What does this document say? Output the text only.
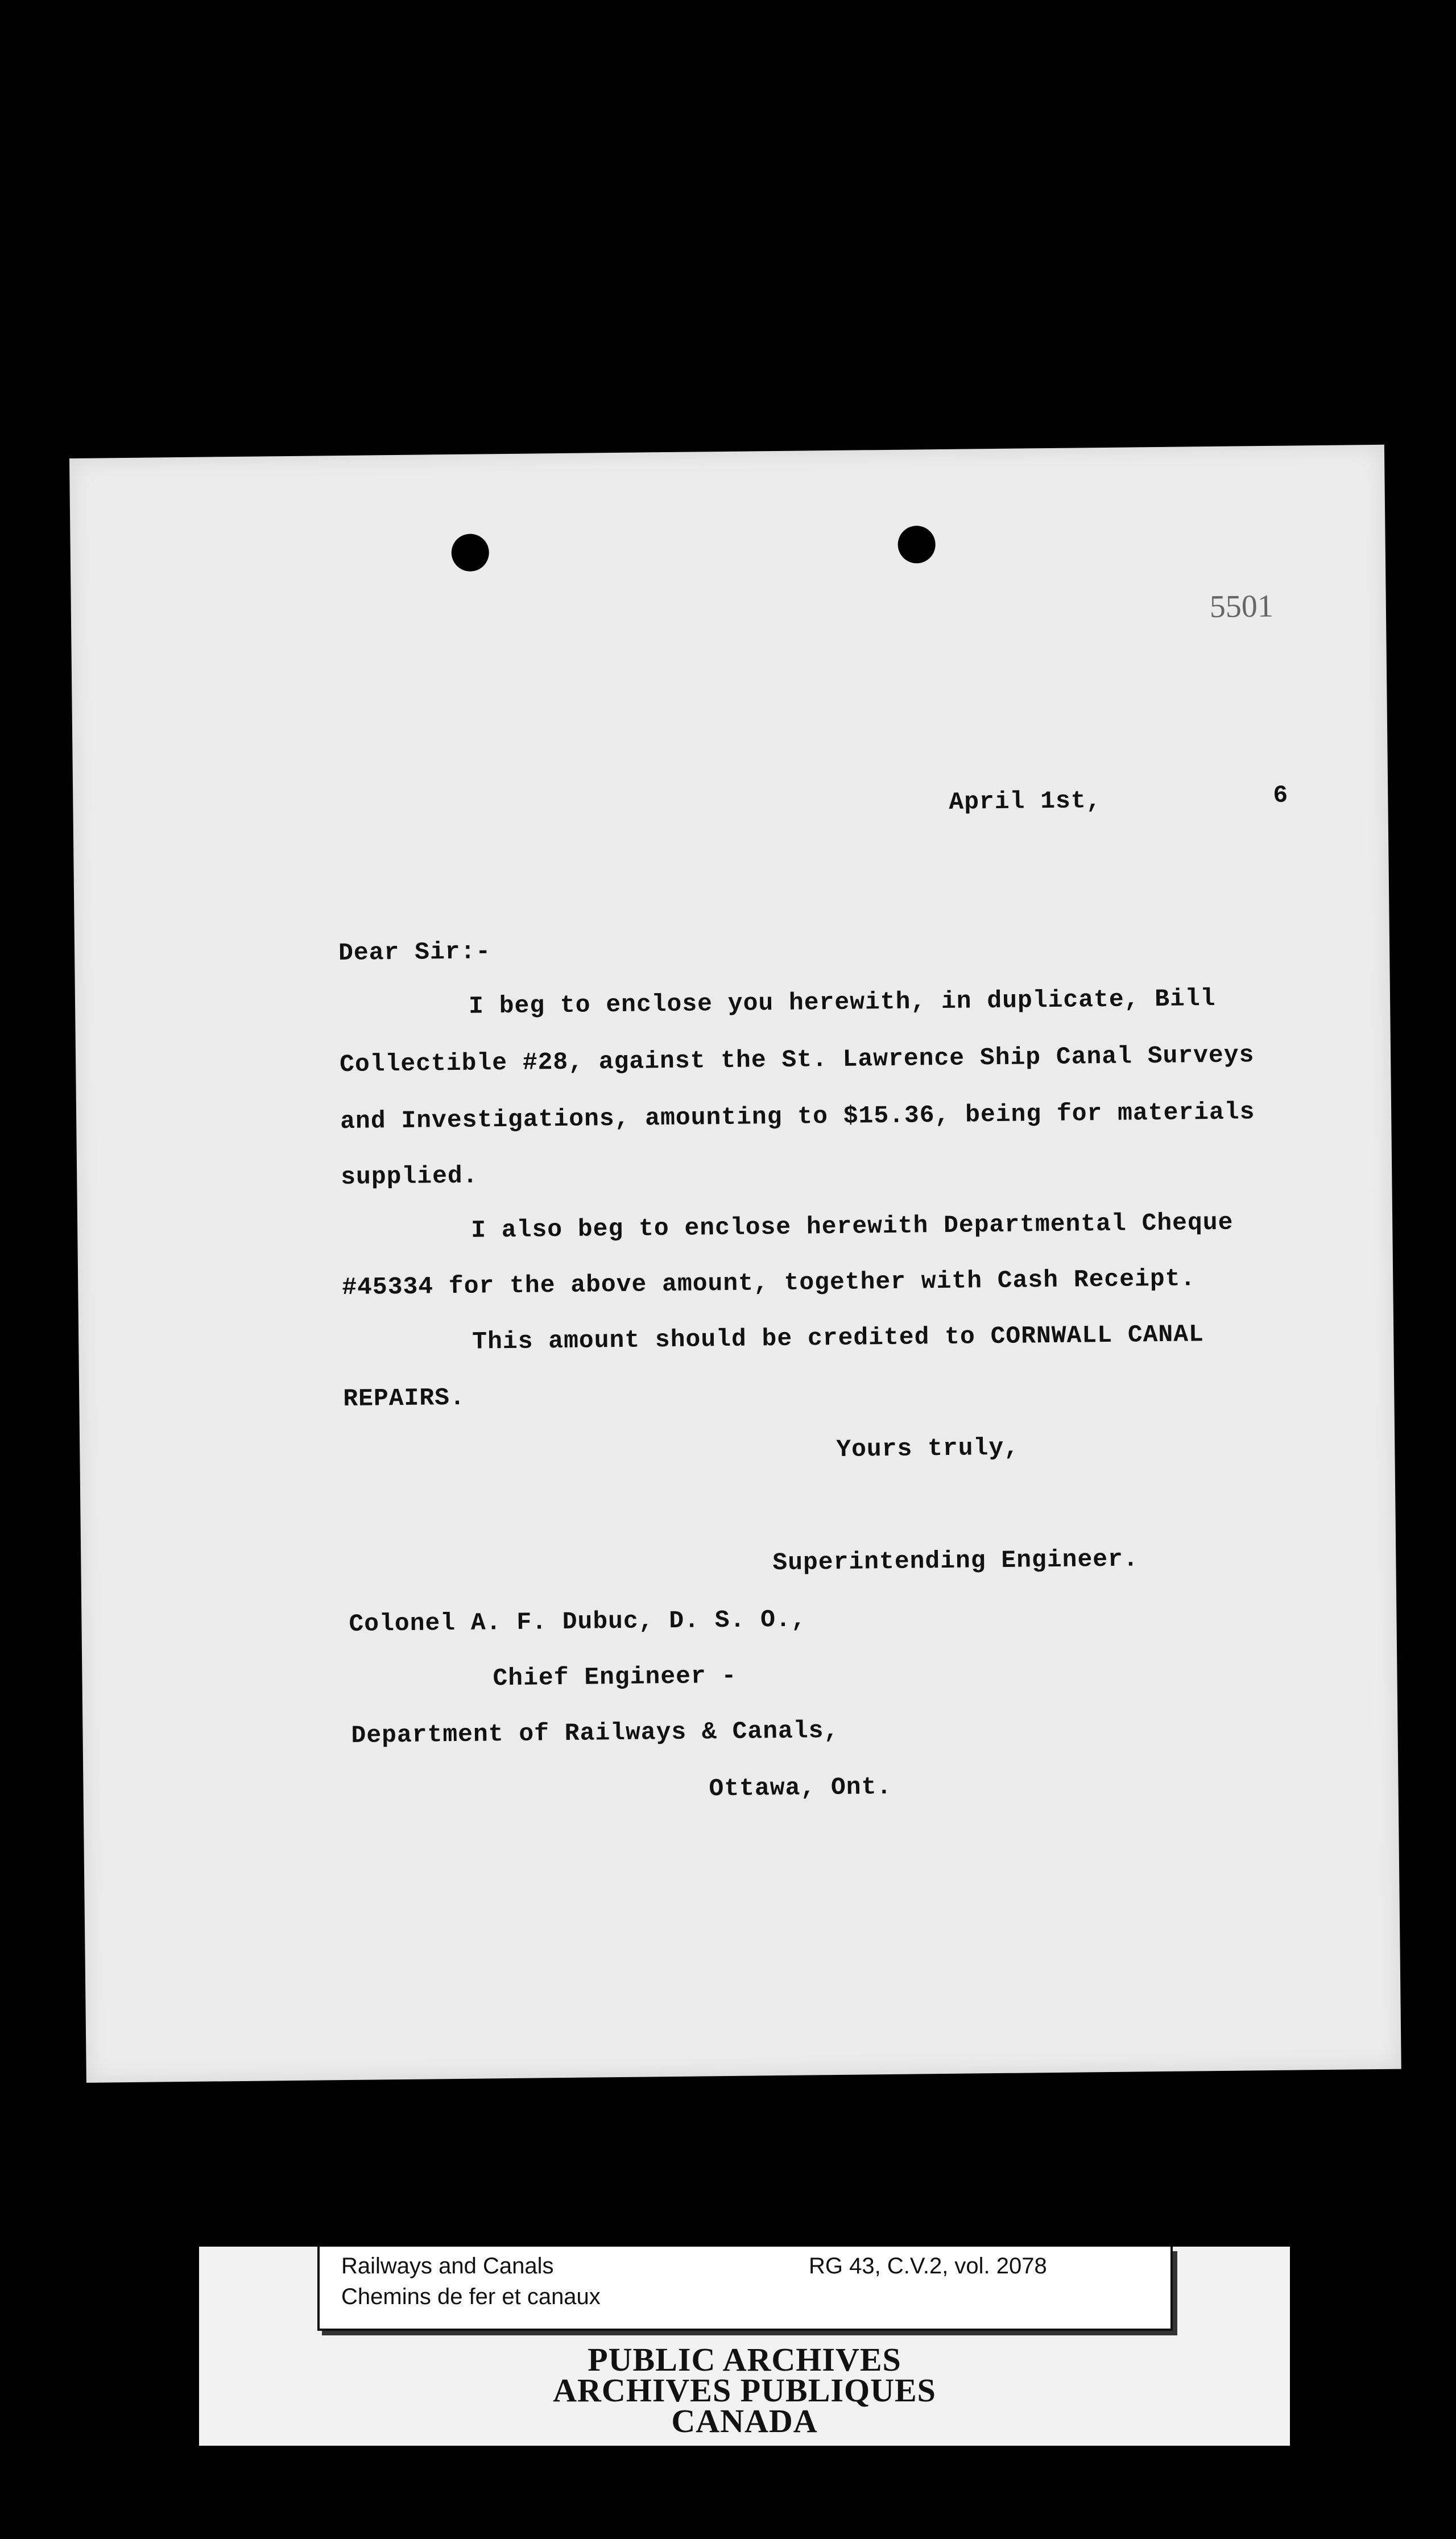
5501
April 1st,	6
Dear Sir:-
I beg to enclose you herewith, in duplicate, Bill
Collectible #28, against the St. Lawrence Ship Canal Surveys
and Investigations, amounting to $15.36, being for materials
supplied.
I also beg to enclose herewith Departmental Cheque
#45334 for the above amount, together with Cash Receipt.
This amount should be credited to CORNWALL CANAL
REPAIRS.
Yours truly,
Superintending Engineer.
Colonel A. F. Dubuc, D. S. O.,
Chief Engineer -
Department of Railways & Canals,
Ottawa, Ont.
Railways and Canals
Chemins de fer et canaux
RG 43, C.V.2, vol. 2078
PUBLIC ARCHIVES
ARCHIVES PUBLIQUES
CANADA
